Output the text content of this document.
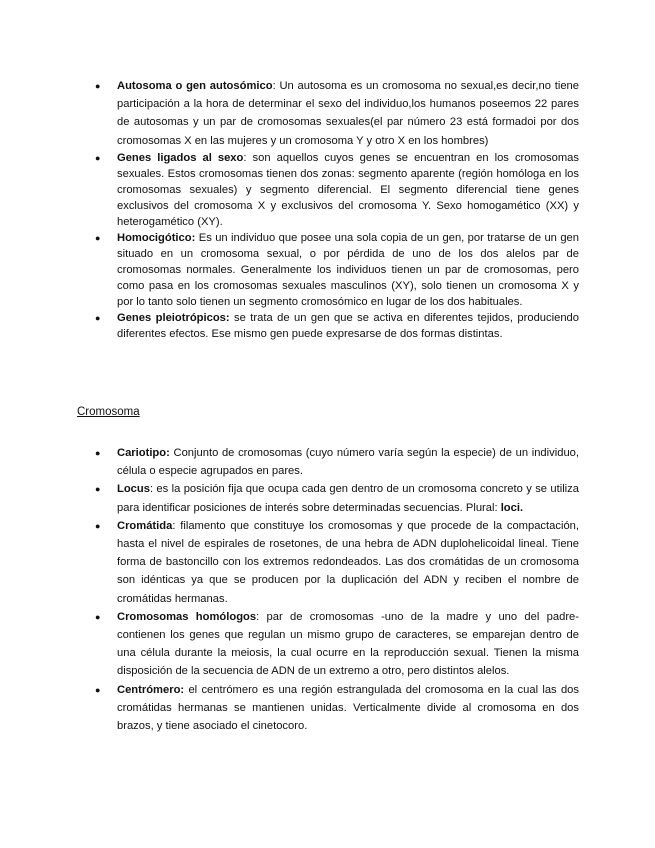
● Autosoma o gen autosómico: Un autosoma es un cromosoma no sexual,es decir,no tiene participación a la hora de determinar el sexo del individuo,los humanos poseemos 22 pares de autosomas y un par de cromosomas sexuales(el par número 23 está formadoi por dos cromosomas X en las mujeres y un cromosoma Y y otro X en los hombres)
● Genes ligados al sexo: son aquellos cuyos genes se encuentran en los cromosomas sexuales. Estos cromosomas tienen dos zonas: segmento aparente (región homóloga en los cromosomas sexuales) y segmento diferencial. El segmento diferencial tiene genes exclusivos del cromosoma X y exclusivos del cromosoma Y. Sexo homogamético (XX) y heterogamético (XY).
● Homocigótico: Es un individuo que posee una sola copia de un gen, por tratarse de un gen situado en un cromosoma sexual, o por pérdida de uno de los dos alelos par de cromosomas normales. Generalmente los individuos tienen un par de cromosomas, pero como pasa en los cromosomas sexuales masculinos (XY), solo tienen un cromosoma X y por lo tanto solo tienen un segmento cromosómico en lugar de los dos habituales.
● Genes pleiotrópicos: se trata de un gen que se activa en diferentes tejidos, produciendo diferentes efectos. Ese mismo gen puede expresarse de dos formas distintas.
Cromosoma
● Cariotipo: Conjunto de cromosomas (cuyo número varía según la especie) de un individuo, célula o especie agrupados en pares.
● Locus: es la posición fija que ocupa cada gen dentro de un cromosoma concreto y se utiliza para identificar posiciones de interés sobre determinadas secuencias. Plural: loci.
● Cromátida: filamento que constituye los cromosomas y que procede de la compactación, hasta el nivel de espirales de rosetones, de una hebra de ADN duplohelicoidal lineal. Tiene forma de bastoncillo con los extremos redondeados. Las dos cromátidas de un cromosoma son idénticas ya que se producen por la duplicación del ADN y reciben el nombre de cromátidas hermanas.
● Cromosomas homólogos: par de cromosomas -uno de la madre y uno del padre- contienen los genes que regulan un mismo grupo de caracteres, se emparejan dentro de una célula durante la meiosis, la cual ocurre en la reproducción sexual. Tienen la misma disposición de la secuencia de ADN de un extremo a otro, pero distintos alelos.
● Centrómero: el centrómero es una región estrangulada del cromosoma en la cual las dos cromátidas hermanas se mantienen unidas. Verticalmente divide al cromosoma en dos brazos, y tiene asociado el cinetocoro.
